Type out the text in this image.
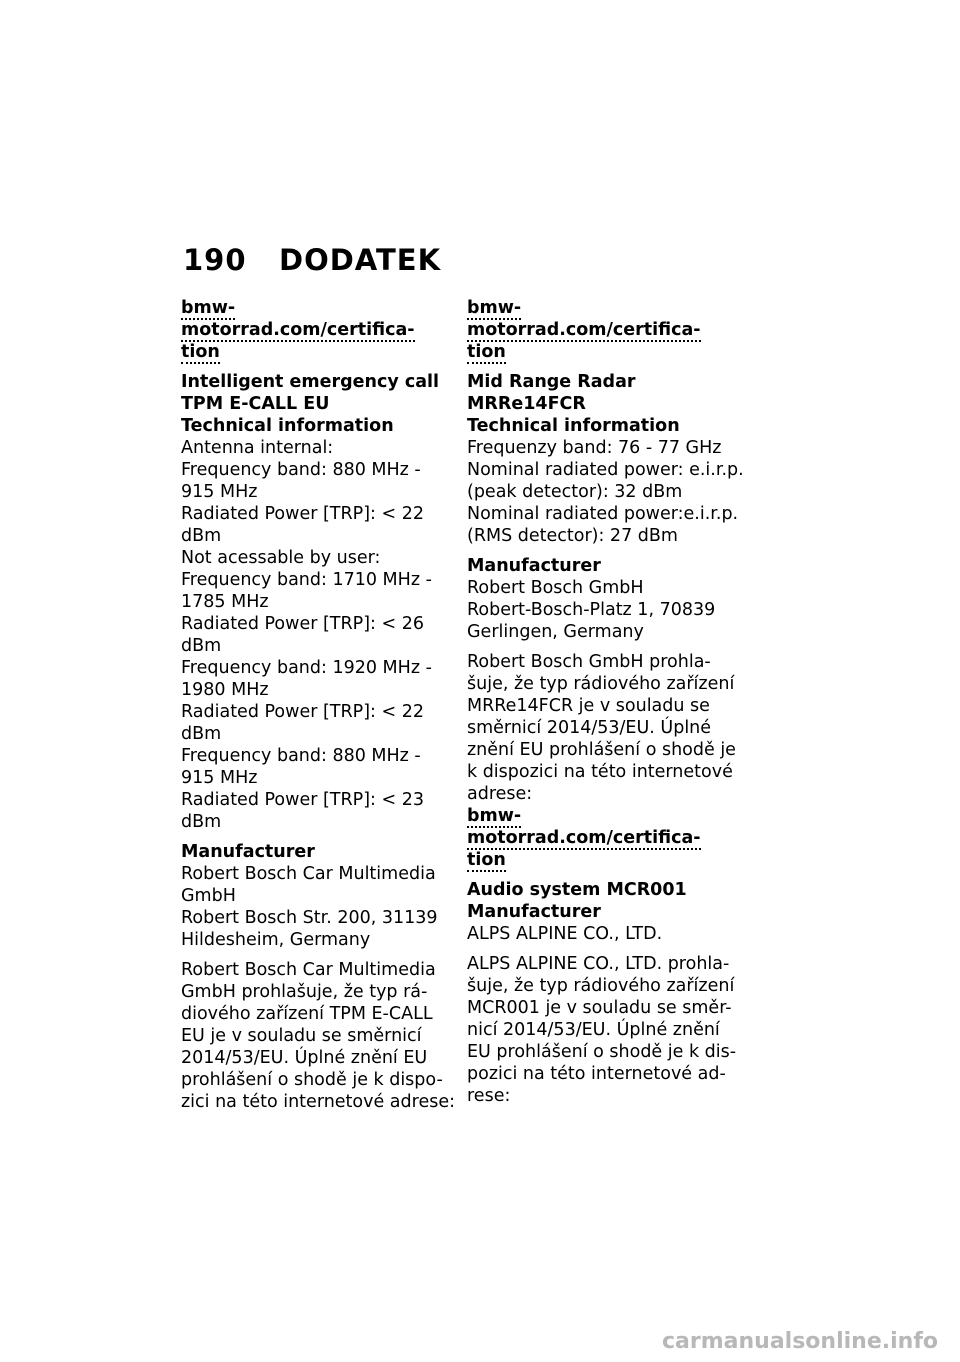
190 DODATEK
bmw-motorrad.com/certifica-
tion
Intelligent emergency call
TPM E-CALL EU
Technical information
Antenna internal:
Frequency band: 880 MHz -
915 MHz
Radiated Power [TRP]: < 22
dBm
Not acessable by user:
Frequency band: 1710 MHz -
1785 MHz
Radiated Power [TRP]: < 26
dBm
Frequency band: 1920 MHz -
1980 MHz
Radiated Power [TRP]: < 22
dBm
Frequency band: 880 MHz -
915 MHz
Radiated Power [TRP]: < 23
dBm
Manufacturer
Robert Bosch Car Multimedia
GmbH
Robert Bosch Str. 200, 31139
Hildesheim, Germany
Robert Bosch Car Multimedia
GmbH prohlašuje, že typ rá-
diového zařízení TPM E-CALL
EU je v souladu se směrnicí
2014/53/EU. Úplné znění EU
prohlášení o shodě je k dispo-
zici na této internetové adrese:
bmw-motorrad.com/certifica-
tion
Mid Range Radar
MRRe14FCR
Technical information
Frequenzy band: 76 - 77 GHz
Nominal radiated power: e.i.r.p.
(peak detector): 32 dBm
Nominal radiated power:e.i.r.p.
(RMS detector): 27 dBm
Manufacturer
Robert Bosch GmbH
Robert-Bosch-Platz 1, 70839
Gerlingen, Germany
Robert Bosch GmbH prohla-
šuje, že typ rádiového zařízení
MRRe14FCR je v souladu se
směrnicí 2014/53/EU. Úplné
znění EU prohlášení o shodě je
k dispozici na této internetové
adrese:
bmw-motorrad.com/certifica-
tion
Audio system MCR001
Manufacturer
ALPS ALPINE CO., LTD.
ALPS ALPINE CO., LTD. prohla-
šuje, že typ rádiového zařízení
MCR001 je v souladu se směr-
nicí 2014/53/EU. Úplné znění
EU prohlášení o shodě je k dis-
pozici na této internetové ad-
rese:
carmanualsonline.info
